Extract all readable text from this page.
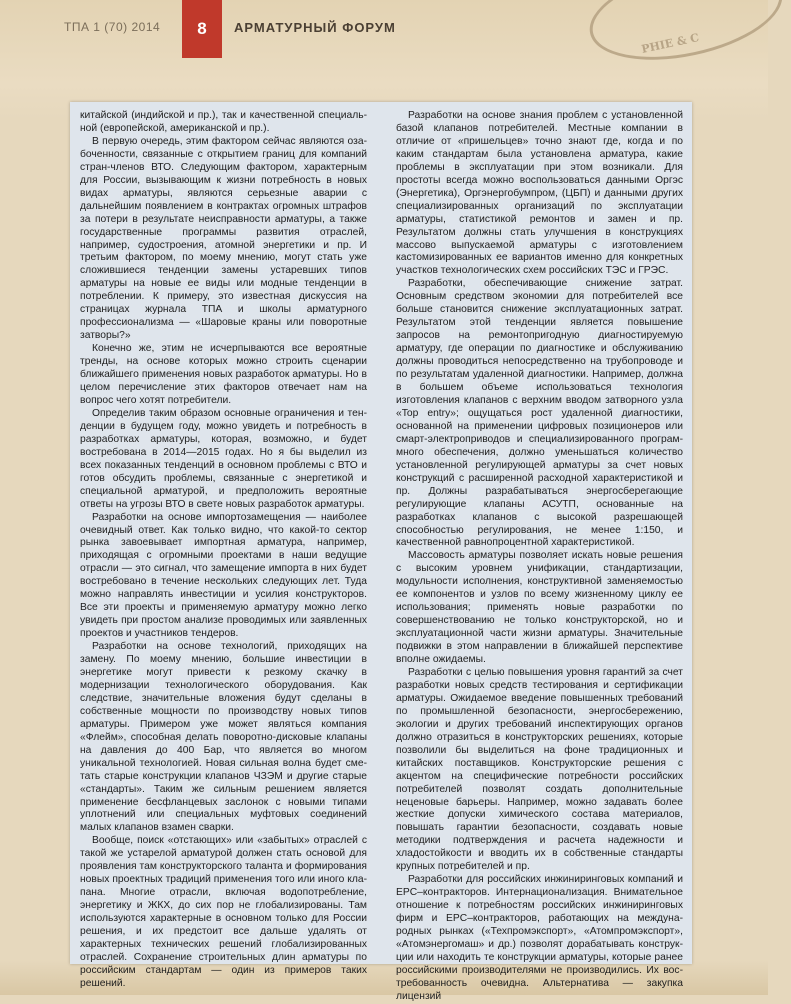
ТПА 1 (70) 2014	8	АРМАТУРНЫЙ ФОРУМ
PHIE & C

китайской (индийской и пр.), так и качественной специальной (европейской, американской и пр.).

В первую очередь, этим фактором сейчас являются озабоченности, связанные с открытием границ для компаний стран-членов ВТО. Следующим фактором, характерным для России, вызывающим к жизни потребность в новых видах арматуры, являются серьезные аварии с дальнейшим появлением в контрактах огромных штрафов за потери в результате неисправности арматуры, а также государственные программы развития отраслей, например, судостроения, атомной энергетики и пр. И третьим фактором, по моему мнению, могут стать уже сложившиеся тенденции замены устаревших типов арматуры на новые ее виды или модные тенденции в потреблении. К примеру, это известная дискуссия на страницах журнала ТПА и школы арматурного профессионализма — «Шаровые краны или поворотные затворы?»

Конечно же, этим не исчерпываются все вероятные тренды, на основе которых можно строить сценарии ближайшего применения новых разработок арматуры. Но в целом перечисление этих факторов отвечает нам на вопрос чего хотят потребители.

Определив таким образом основные ограничения и тенденции в будущем году, можно увидеть и потребность в разработках арматуры, которая, возможно, и будет востребована в 2014—2015 годах. Но я бы выделил из всех показанных тенденций в основном проблемы с ВТО и готов обсудить проблемы, связанные с энергетикой и специальной арматурой, и предположить вероятные ответы на угрозы ВТО в свете новых разработок арматуры.

Разработки на основе импортозамещения — наиболее очевидный ответ. Как только видно, что какой-то сектор рынка завоевывает импортная арматура, например, приходящая с огромными проектами в наши ведущие отрасли — это сигнал, что замещение импорта в них будет востребовано в течение нескольких следующих лет. Туда можно направлять инвестиции и усилия конструкторов. Все эти проекты и применяемую арматуру можно легко увидеть при простом анализе проводимых или заявленных проектов и участников тендеров.

Разработки на основе технологий, приходящих на замену. По моему мнению, большие инвестиции в энергетике могут привести к резкому скачку в модернизации технологического оборудования. Как следствие, значительные вложения будут сделаны в собственные мощности по производству новых типов арматуры. Примером уже может являться компания «Флейм», способная делать поворотно-дисковые клапаны на давления до 400 Бар, что является во многом уникальной технологией. Новая сильная волна будет сметать старые конструкции клапанов ЧЗЭМ и другие старые «стандарты». Таким же сильным решением является применение бесфланцевых заслонок с новыми типами уплотнений или специальных муфтовых соединений малых клапанов взамен сварки.

Вообще, поиск «отстающих» или «забытых» отраслей с такой же устарелой арматурой должен стать основой для проявления там конструкторского таланта и формирования новых проектных традиций применения того или иного клапана. Многие отрасли, включая водопотребление, энергетику и ЖКХ, до сих пор не глобализированы. Там используются характерные в основном только для России решения, и их предстоит все дальше удалять от характерных технических решений глобализированных отраслей. Сохранение строительных длин арматуры по российским стандартам — один из примеров таких решений.

Разработки на основе знания проблем с установленной базой клапанов потребителей. Местные компании в отличие от «пришельцев» точно знают где, когда и по каким стандартам была установлена арматура, какие проблемы в эксплуатации при этом возникали. Для простоты всегда можно воспользоваться данными Оргэс (Энергетика), Оргэнергобумпром, (ЦБП) и данными других специализированных организаций по эксплуатации арматуры, статистикой ремонтов и замен и пр. Результатом должны стать улучшения в конструкциях массово выпускаемой арматуры с изготовлением кастомизированных ее вариантов именно для конкретных участков технологических схем российских ТЭС и ГРЭС.

Разработки, обеспечивающие снижение затрат. Основным средством экономии для потребителей все больше становится снижение эксплуатационных затрат. Результатом этой тенденции является повышение запросов на ремонтопригодную диагностируемую арматуру, где операции по диагностике и обслуживанию должны проводиться непосредственно на трубопроводе и по результатам удаленной диагностики. Например, должна в большем объеме использоваться технология изготовления клапанов с верхним вводом затворного узла «Top entry»; ощущаться рост удаленной диагностики, основанной на применении цифровых позиционеров или смарт-электроприводов и специализированного программного обеспечения, должно уменьшаться количество установленной регулирующей арматуры за счет новых конструкций с расширенной расходной характеристикой и пр. Должны разрабатываться энергосберегающие регулирующие клапаны АСУТП, основанные на разработках клапанов с высокой разрешающей способностью регулирования, не менее 1:150, и качественной равнопроцентной характеристикой.

Массовость арматуры позволяет искать новые решения с высоким уровнем унификации, стандартизации, модульности исполнения, конструктивной заменяемостью ее компонентов и узлов по всему жизненному циклу ее использования; применять новые разработки по совершенствованию не только конструкторской, но и эксплуатационной части жизни арматуры. Значительные подвижки в этом направлении в ближайшей перспективе вполне ожидаемы.

Разработки с целью повышения уровня гарантий за счет разработки новых средств тестирования и сертификации арматуры. Ожидаемое введение повышенных требований по промышленной безопасности, энергосбережению, экологии и других требований инспектирующих органов должно отразиться в конструкторских решениях, которые позволили бы выделиться на фоне традиционных и китайских поставщиков. Конструкторские решения с акцентом на специфические потребности российских потребителей позволят создать дополнительные неценовые барьеры. Например, можно задавать более жесткие допуски химического состава материалов, повышать гарантии безопасности, создавать новые методики подтверждения и расчета надежности и хладостойкости и вводить их в собственные стандарты крупных потребителей и пр.

Разработки для российских инжиниринговых компаний и EPC–контракторов. Интернационализация. Внимательное отношение к потребностям российских инжиниринговых фирм и EPC–контракторов, работающих на международных рынках («Техпромэкспорт», «Атомпромэкспорт», «Атомэнергомаш» и др.) позволят дорабатывать конструкции или находить те конструкции арматуры, которые ранее российскими производителями не производились. Их востребованность очевидна. Альтернатива — закупка лицензий
